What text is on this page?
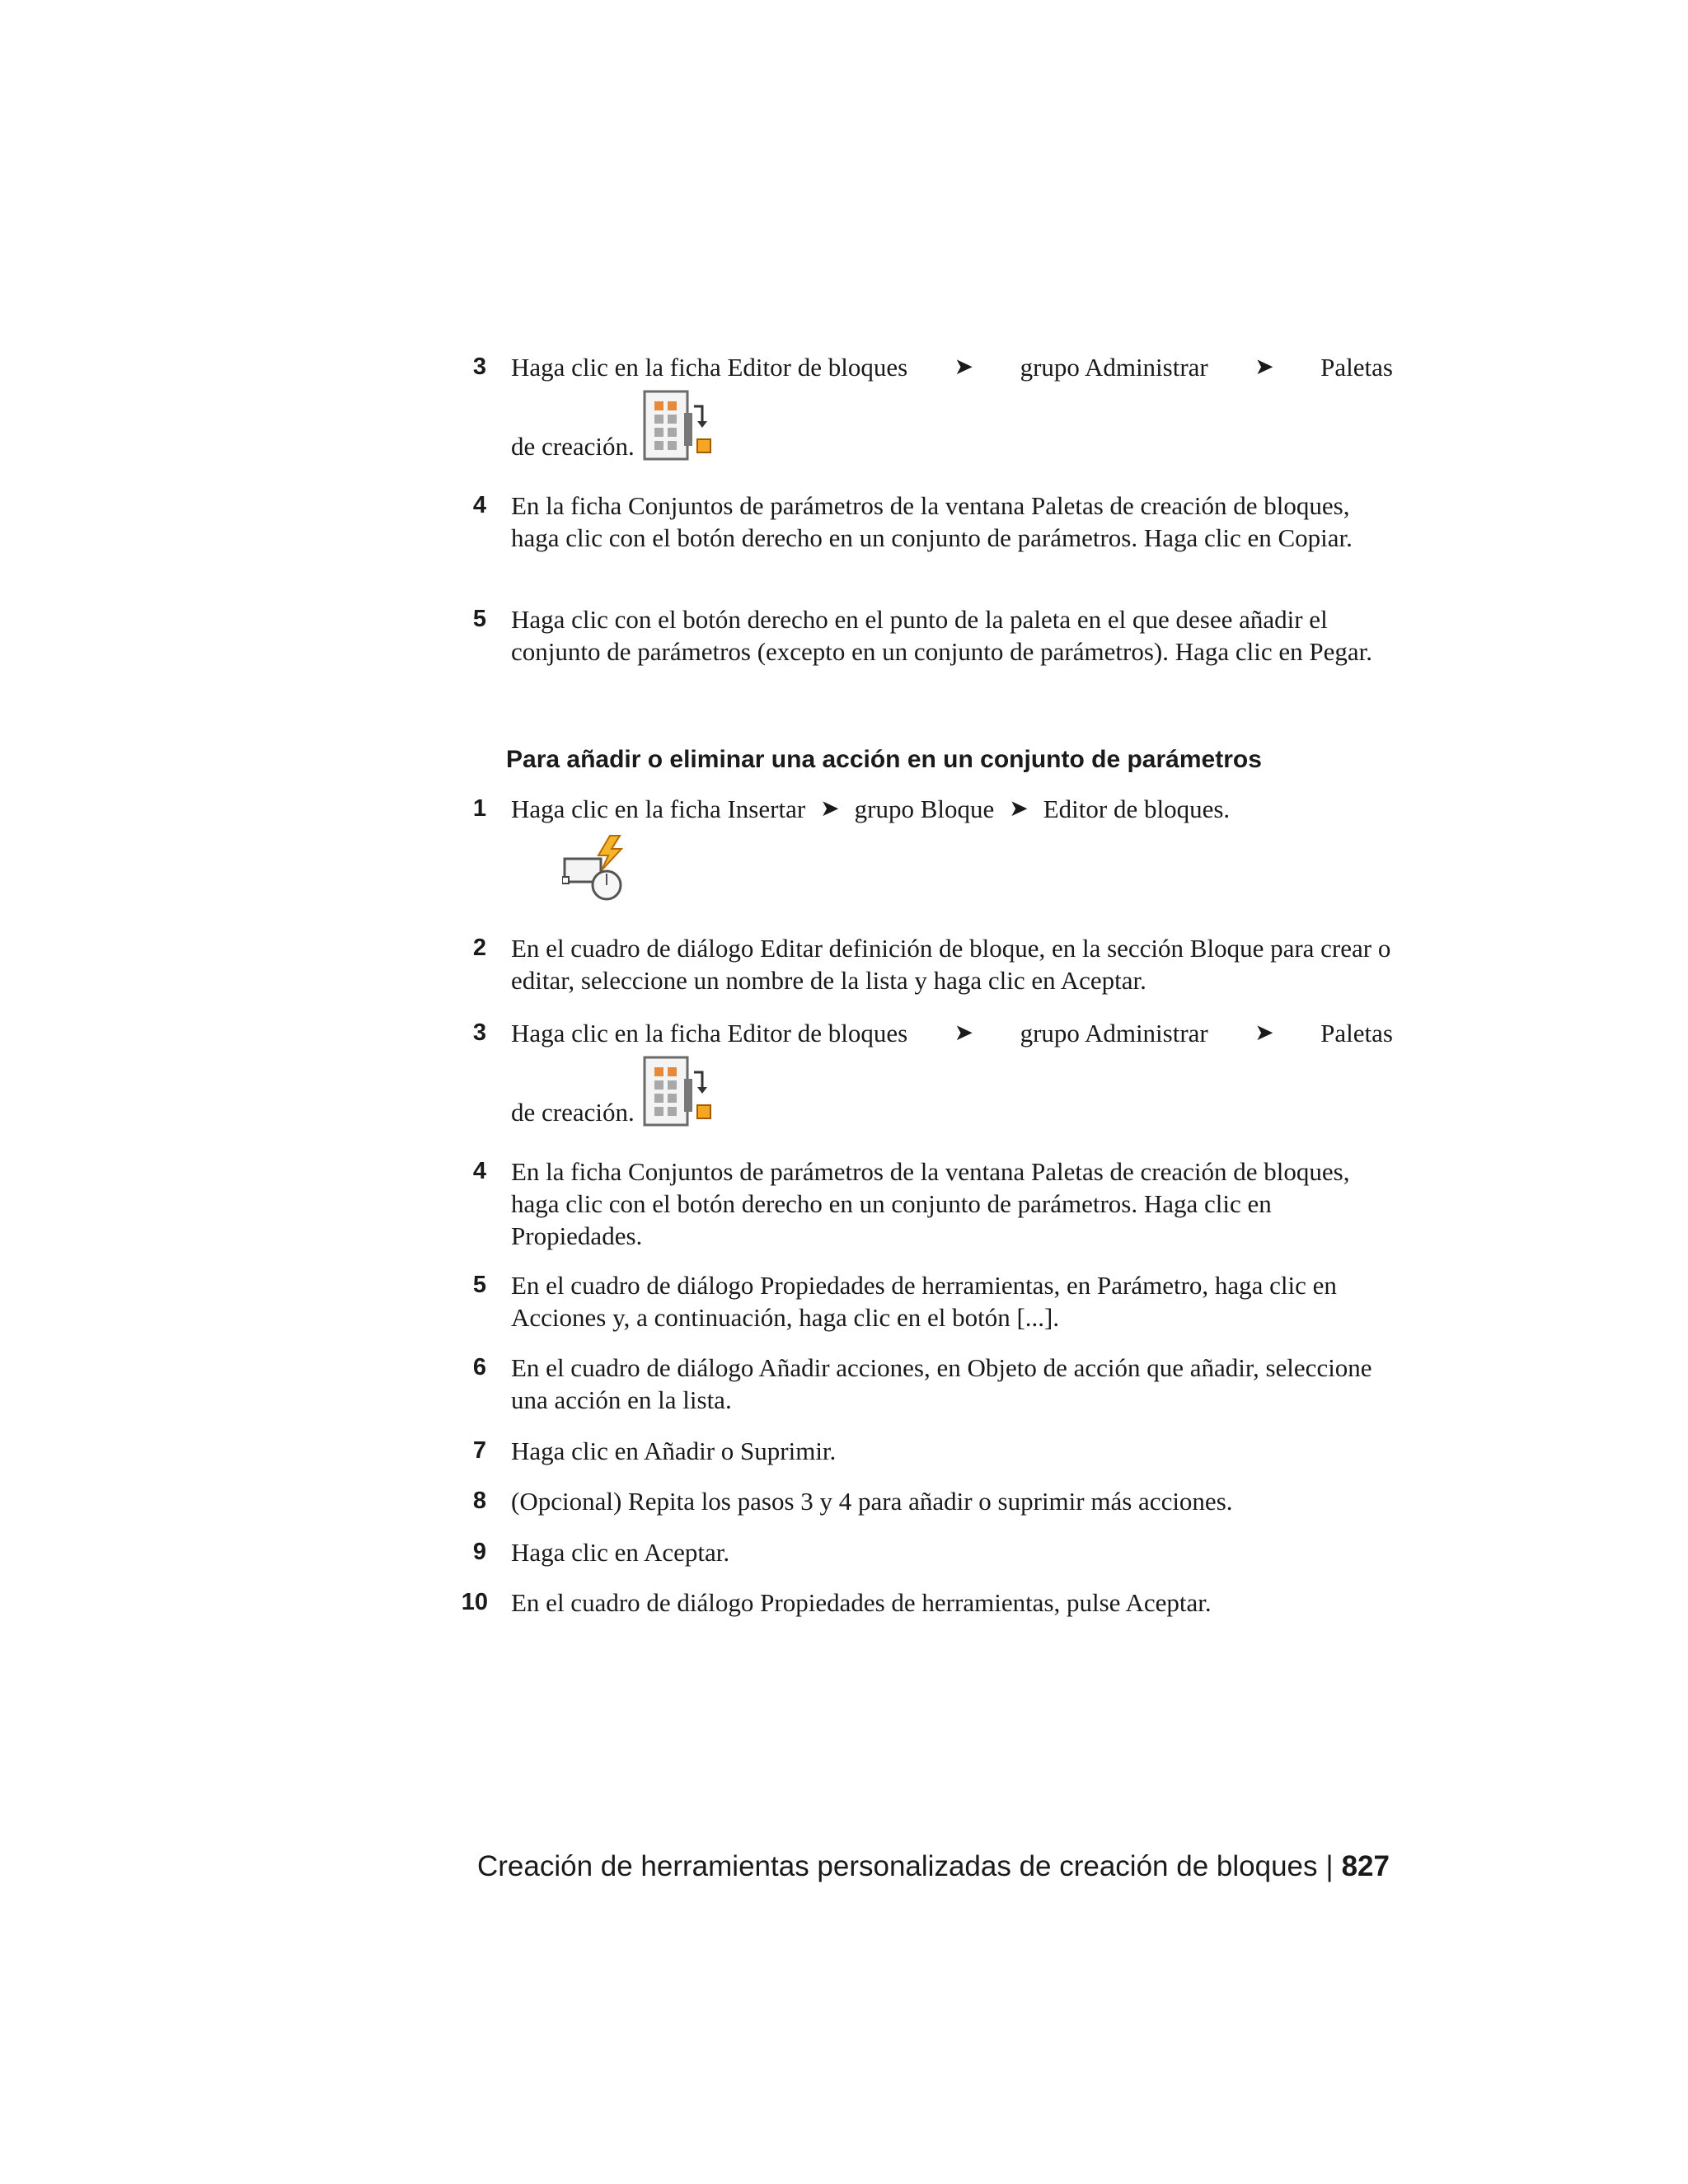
3 Haga clic en la ficha Editor de bloques ➤ grupo Administrar ➤ Paletas
de creación.
4 En la ficha Conjuntos de parámetros de la ventana Paletas de creación de bloques, haga clic con el botón derecho en un conjunto de parámetros. Haga clic en Copiar.
5 Haga clic con el botón derecho en el punto de la paleta en el que desee añadir el conjunto de parámetros (excepto en un conjunto de parámetros). Haga clic en Pegar.
Para añadir o eliminar una acción en un conjunto de parámetros
1 Haga clic en la ficha Insertar ➤ grupo Bloque ➤ Editor de bloques.
2 En el cuadro de diálogo Editar definición de bloque, en la sección Bloque para crear o editar, seleccione un nombre de la lista y haga clic en Aceptar.
3 Haga clic en la ficha Editor de bloques ➤ grupo Administrar ➤ Paletas
de creación.
4 En la ficha Conjuntos de parámetros de la ventana Paletas de creación de bloques, haga clic con el botón derecho en un conjunto de parámetros. Haga clic en Propiedades.
5 En el cuadro de diálogo Propiedades de herramientas, en Parámetro, haga clic en Acciones y, a continuación, haga clic en el botón [...].
6 En el cuadro de diálogo Añadir acciones, en Objeto de acción que añadir, seleccione una acción en la lista.
7 Haga clic en Añadir o Suprimir.
8 (Opcional) Repita los pasos 3 y 4 para añadir o suprimir más acciones.
9 Haga clic en Aceptar.
10 En el cuadro de diálogo Propiedades de herramientas, pulse Aceptar.
Creación de herramientas personalizadas de creación de bloques | 827
